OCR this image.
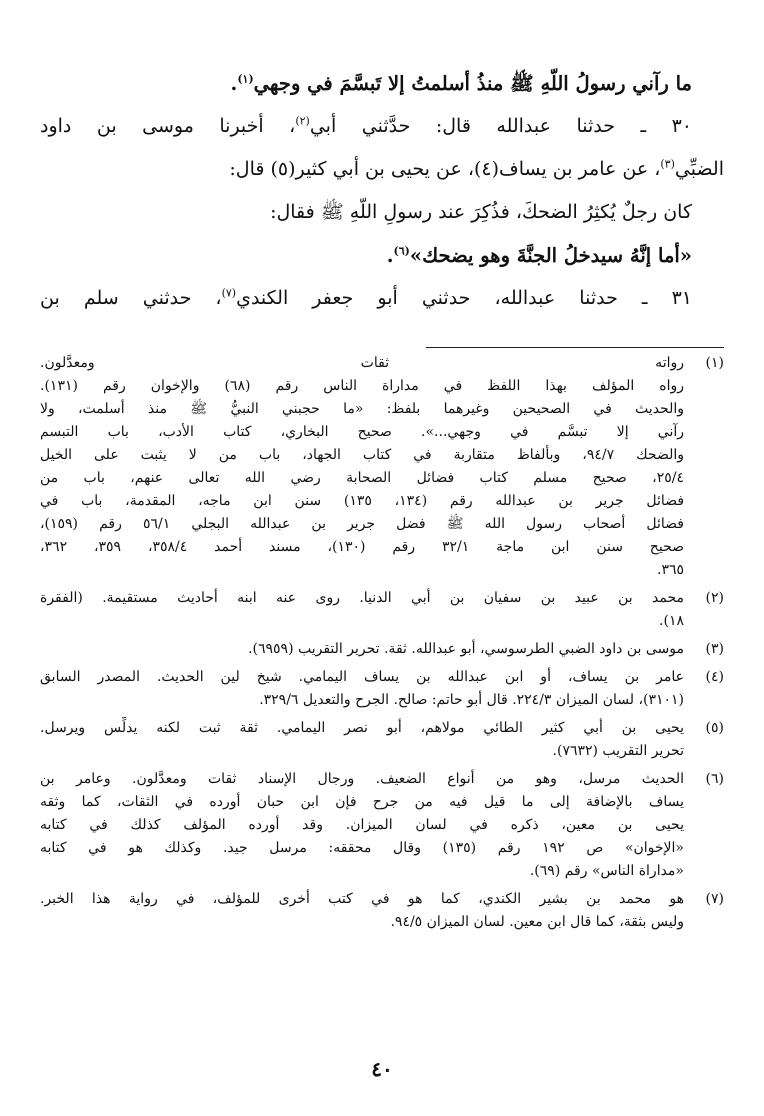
ما رآني رسولُ اللّهِ ﷺ منذُ أسلمتُ إلا تَبسَّمَ في وجهي$^{(١)}$.
٣٠ ـ حدثنا عبدالله قال: حدَّثني أبي$^{(٢)}$، أخبرنا موسى بن داود
الضبِّي$^{(٣)}$، عن عامر بن يساف(٤)، عن يحيى بن أبي كثير(٥) قال:
كان رجلٌ يُكثِرُ الضحكَ، فذُكِرَ عند رسولِ اللّهِ ﷺ فقال:
«أما إنَّهُ سيدخلُ الجنَّةَ وهو يضحك»$^{(٦)}$.
٣١ ـ حدثنا عبدالله، حدثني أبو جعفر الكندي$^{(٧)}$، حدثني سلم بن
(١)
رواته ثقات ومعدَّلون.
رواه المؤلف بهذا اللفظ في مداراة الناس رقم (٦٨) والإخوان رقم (١٣١).
والحديث في الصحيحين وغيرهما بلفظ: «ما حجبني النبيُّ ﷺ منذ أسلمت، ولا
رآني إلا تبسَّم في وجهي...». صحيح البخاري، كتاب الأدب، باب التبسم
والضحك ٩٤/٧، وبألفاظ متقاربة في كتاب الجهاد، باب من لا يثبت على الخيل
٢٥/٤، صحيح مسلم كتاب فضائل الصحابة رضي الله تعالى عنهم، باب من
فضائل جرير بن عبدالله رقم (١٣٤، ١٣٥) سنن ابن ماجه، المقدمة، باب في
فضائل أصحاب رسول الله ﷺ فضل جرير بن عبدالله البجلي ٥٦/١ رقم (١٥٩)،
صحيح سنن ابن ماجة ٣٢/١ رقم (١٣٠)، مسند أحمد ٣٥٨/٤، ٣٥٩، ٣٦٢،
٣٦٥.
(٢)
محمد بن عبيد بن سفيان بن أبي الدنيا. روى عنه ابنه أحاديث مستقيمة. (الفقرة
١٨).
(٣)
موسى بن داود الضبي الطرسوسي، أبو عبدالله. ثقة. تحرير التقريب (٦٩٥٩).
(٤)
عامر بن يساف، أو ابن عبدالله بن يساف اليمامي. شيخ لين الحديث. المصدر السابق
(٣١٠١)، لسان الميزان ٢٢٤/٣. قال أبو حاتم: صالح. الجرح والتعديل ٣٢٩/٦.
(٥)
يحيى بن أبي كثير الطائي مولاهم، أبو نصر اليمامي. ثقة ثبت لكنه يدلِّس ويرسل.
تحرير التقريب (٧٦٣٢).
(٦)
الحديث مرسل، وهو من أنواع الضعيف. ورجال الإسناد ثقات ومعدَّلون. وعامر بن
يساف بالإضافة إلى ما قيل فيه من جرح فإن ابن حبان أورده في الثقات، كما وثقه
يحيى بن معين، ذكره في لسان الميزان. وقد أورده المؤلف كذلك في كتابه
«الإخوان» ص ١٩٢ رقم (١٣٥) وقال محققه: مرسل جيد. وكذلك هو في كتابه
«مداراة الناس» رقم (٦٩).
(٧)
هو محمد بن بشير الكندي، كما هو في كتب أخرى للمؤلف، في رواية هذا الخبر.
وليس بثقة، كما قال ابن معين. لسان الميزان ٩٤/٥.
٤٠
